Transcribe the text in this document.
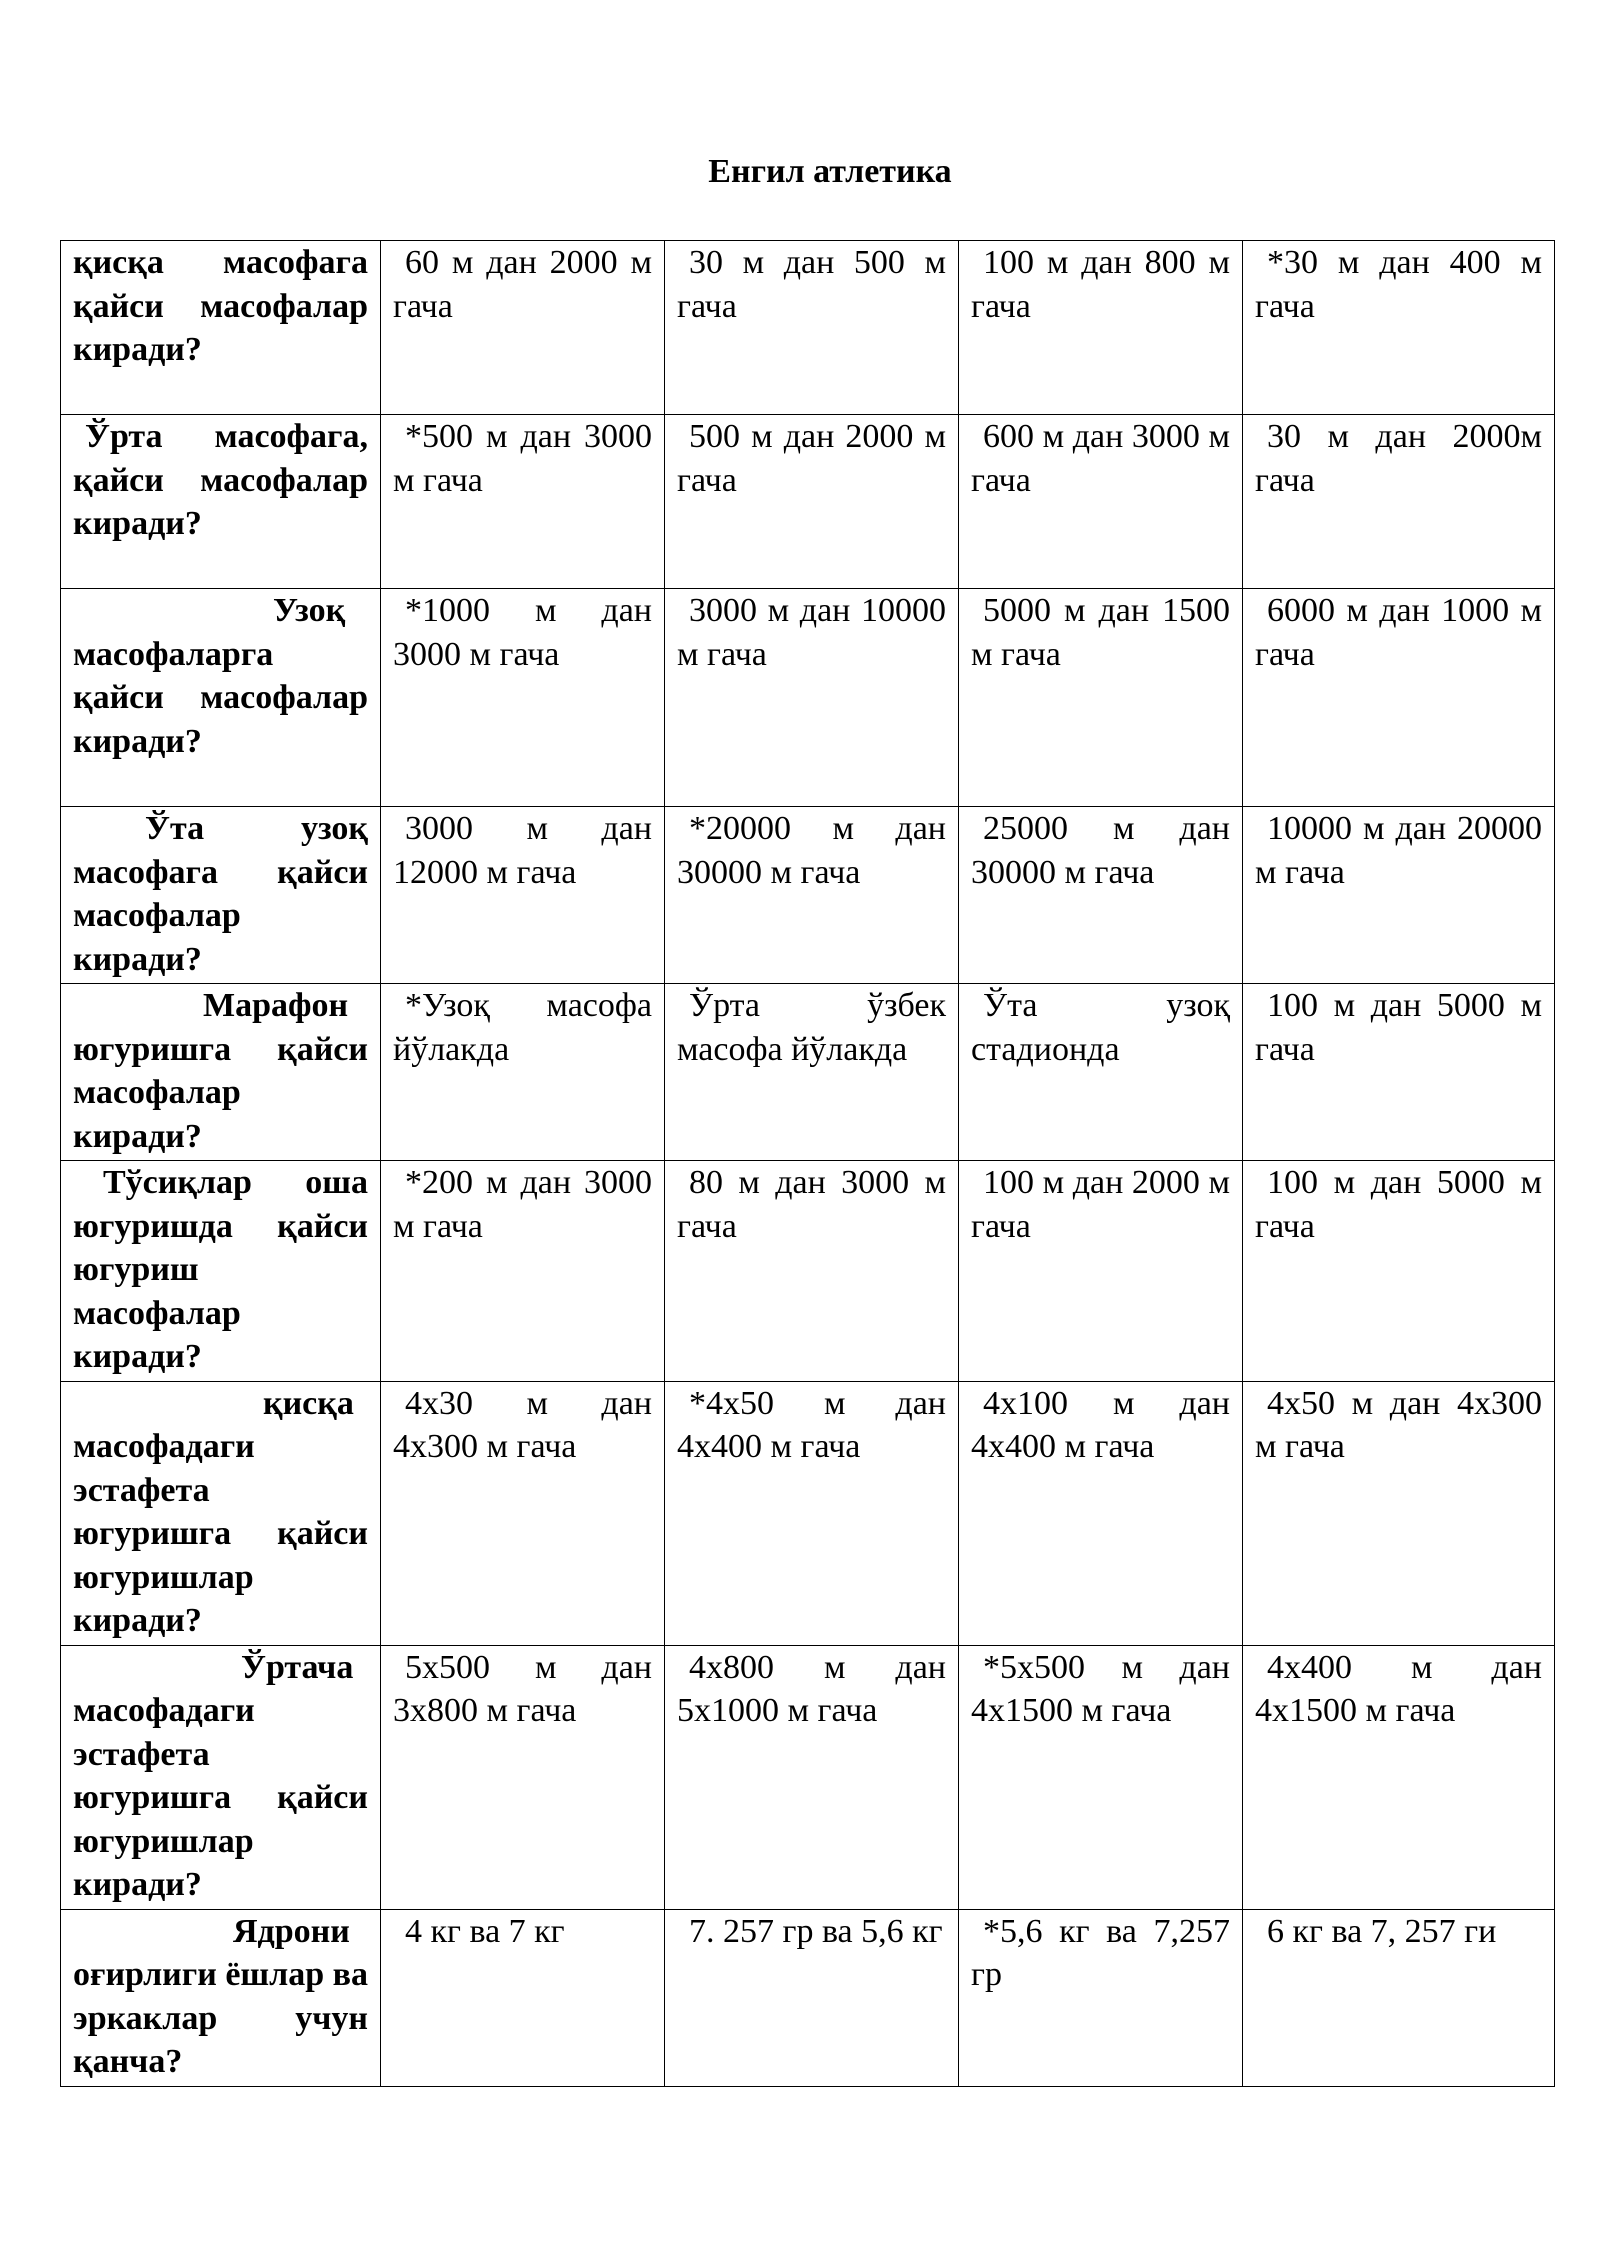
Енгил атлетика
қисқа масофага қайси масофалар киради?	60 м дан 2000 м гача	30 м дан 500 м гача	100 м дан 800 м гача	*30 м дан 400 м гача
Ўрта масофага, қайси масофалар киради?	*500 м дан 3000 м гача	500 м дан 2000 м гача	600 м дан 3000 м гача	30 м дан 2000м гача
Узоқ масофаларга қайси масофалар киради?	*1000 м дан 3000 м гача	3000 м дан 10000 м гача	5000 м дан 1500 м гача	6000 м дан 1000 м гача
Ўта узоқ масофага қайси масофалар киради?	3000 м дан 12000 м гача	*20000 м дан 30000 м гача	25000 м дан 30000 м гача	10000 м дан 20000 м гача
Марафон югуришга қайси масофалар киради?	*Узоқ масофа йўлакда	Ўрта ўзбек масофа йўлакда	Ўта узоқ стадионда	100 м дан 5000 м гача
Тўсиқлар оша югуришда қайси югуриш масофалар киради?	*200 м дан 3000 м гача	80 м дан 3000 м гача	100 м дан 2000 м гача	100 м дан 5000 м гача
қисқа масофадаги эстафета югуришга қайси югуришлар киради?	4х30 м дан 4х300 м гача	*4х50 м дан 4х400 м гача	4х100 м дан 4х400 м гача	4х50 м дан 4х300 м гача
Ўртача масофадаги эстафета югуришга қайси югуришлар киради?	5х500 м дан 3х800 м гача	4х800 м дан 5х1000 м гача	*5х500 м дан 4х1500 м гача	4х400 м дан 4х1500 м гача
Ядрони оғирлиги ёшлар ва эркаклар учун қанча?	4 кг ва 7 кг	7. 257 гр ва 5,6 кг	*5,6 кг ва 7,257 гр	6 кг ва 7, 257 ги
